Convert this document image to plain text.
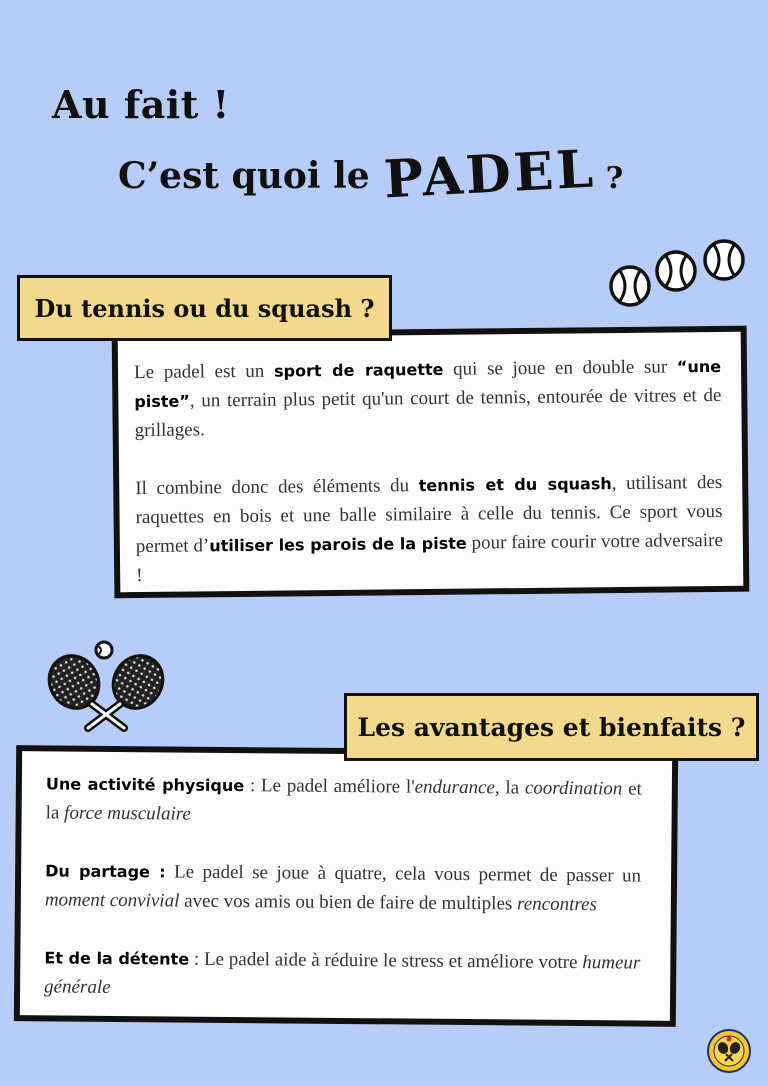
Au fait !
C’est quoi le PADEL ?
Du tennis ou du squash ?

Le padel est un sport de raquette qui se joue en double sur “une piste”, un terrain plus petit qu'un court de tennis, entourée de vitres et de grillages.

Il combine donc des éléments du tennis et du squash, utilisant des raquettes en bois et une balle similaire à celle du tennis. Ce sport vous permet d’utiliser les parois de la piste pour faire courir votre adversaire !

Les avantages et bienfaits ?

Une activité physique : Le padel améliore l'endurance, la coordination et la force musculaire

Du partage : Le padel se joue à quatre, cela vous permet de passer un moment convivial avec vos amis ou bien de faire de multiples rencontres

Et de la détente : Le padel aide à réduire le stress et améliore votre humeur générale
